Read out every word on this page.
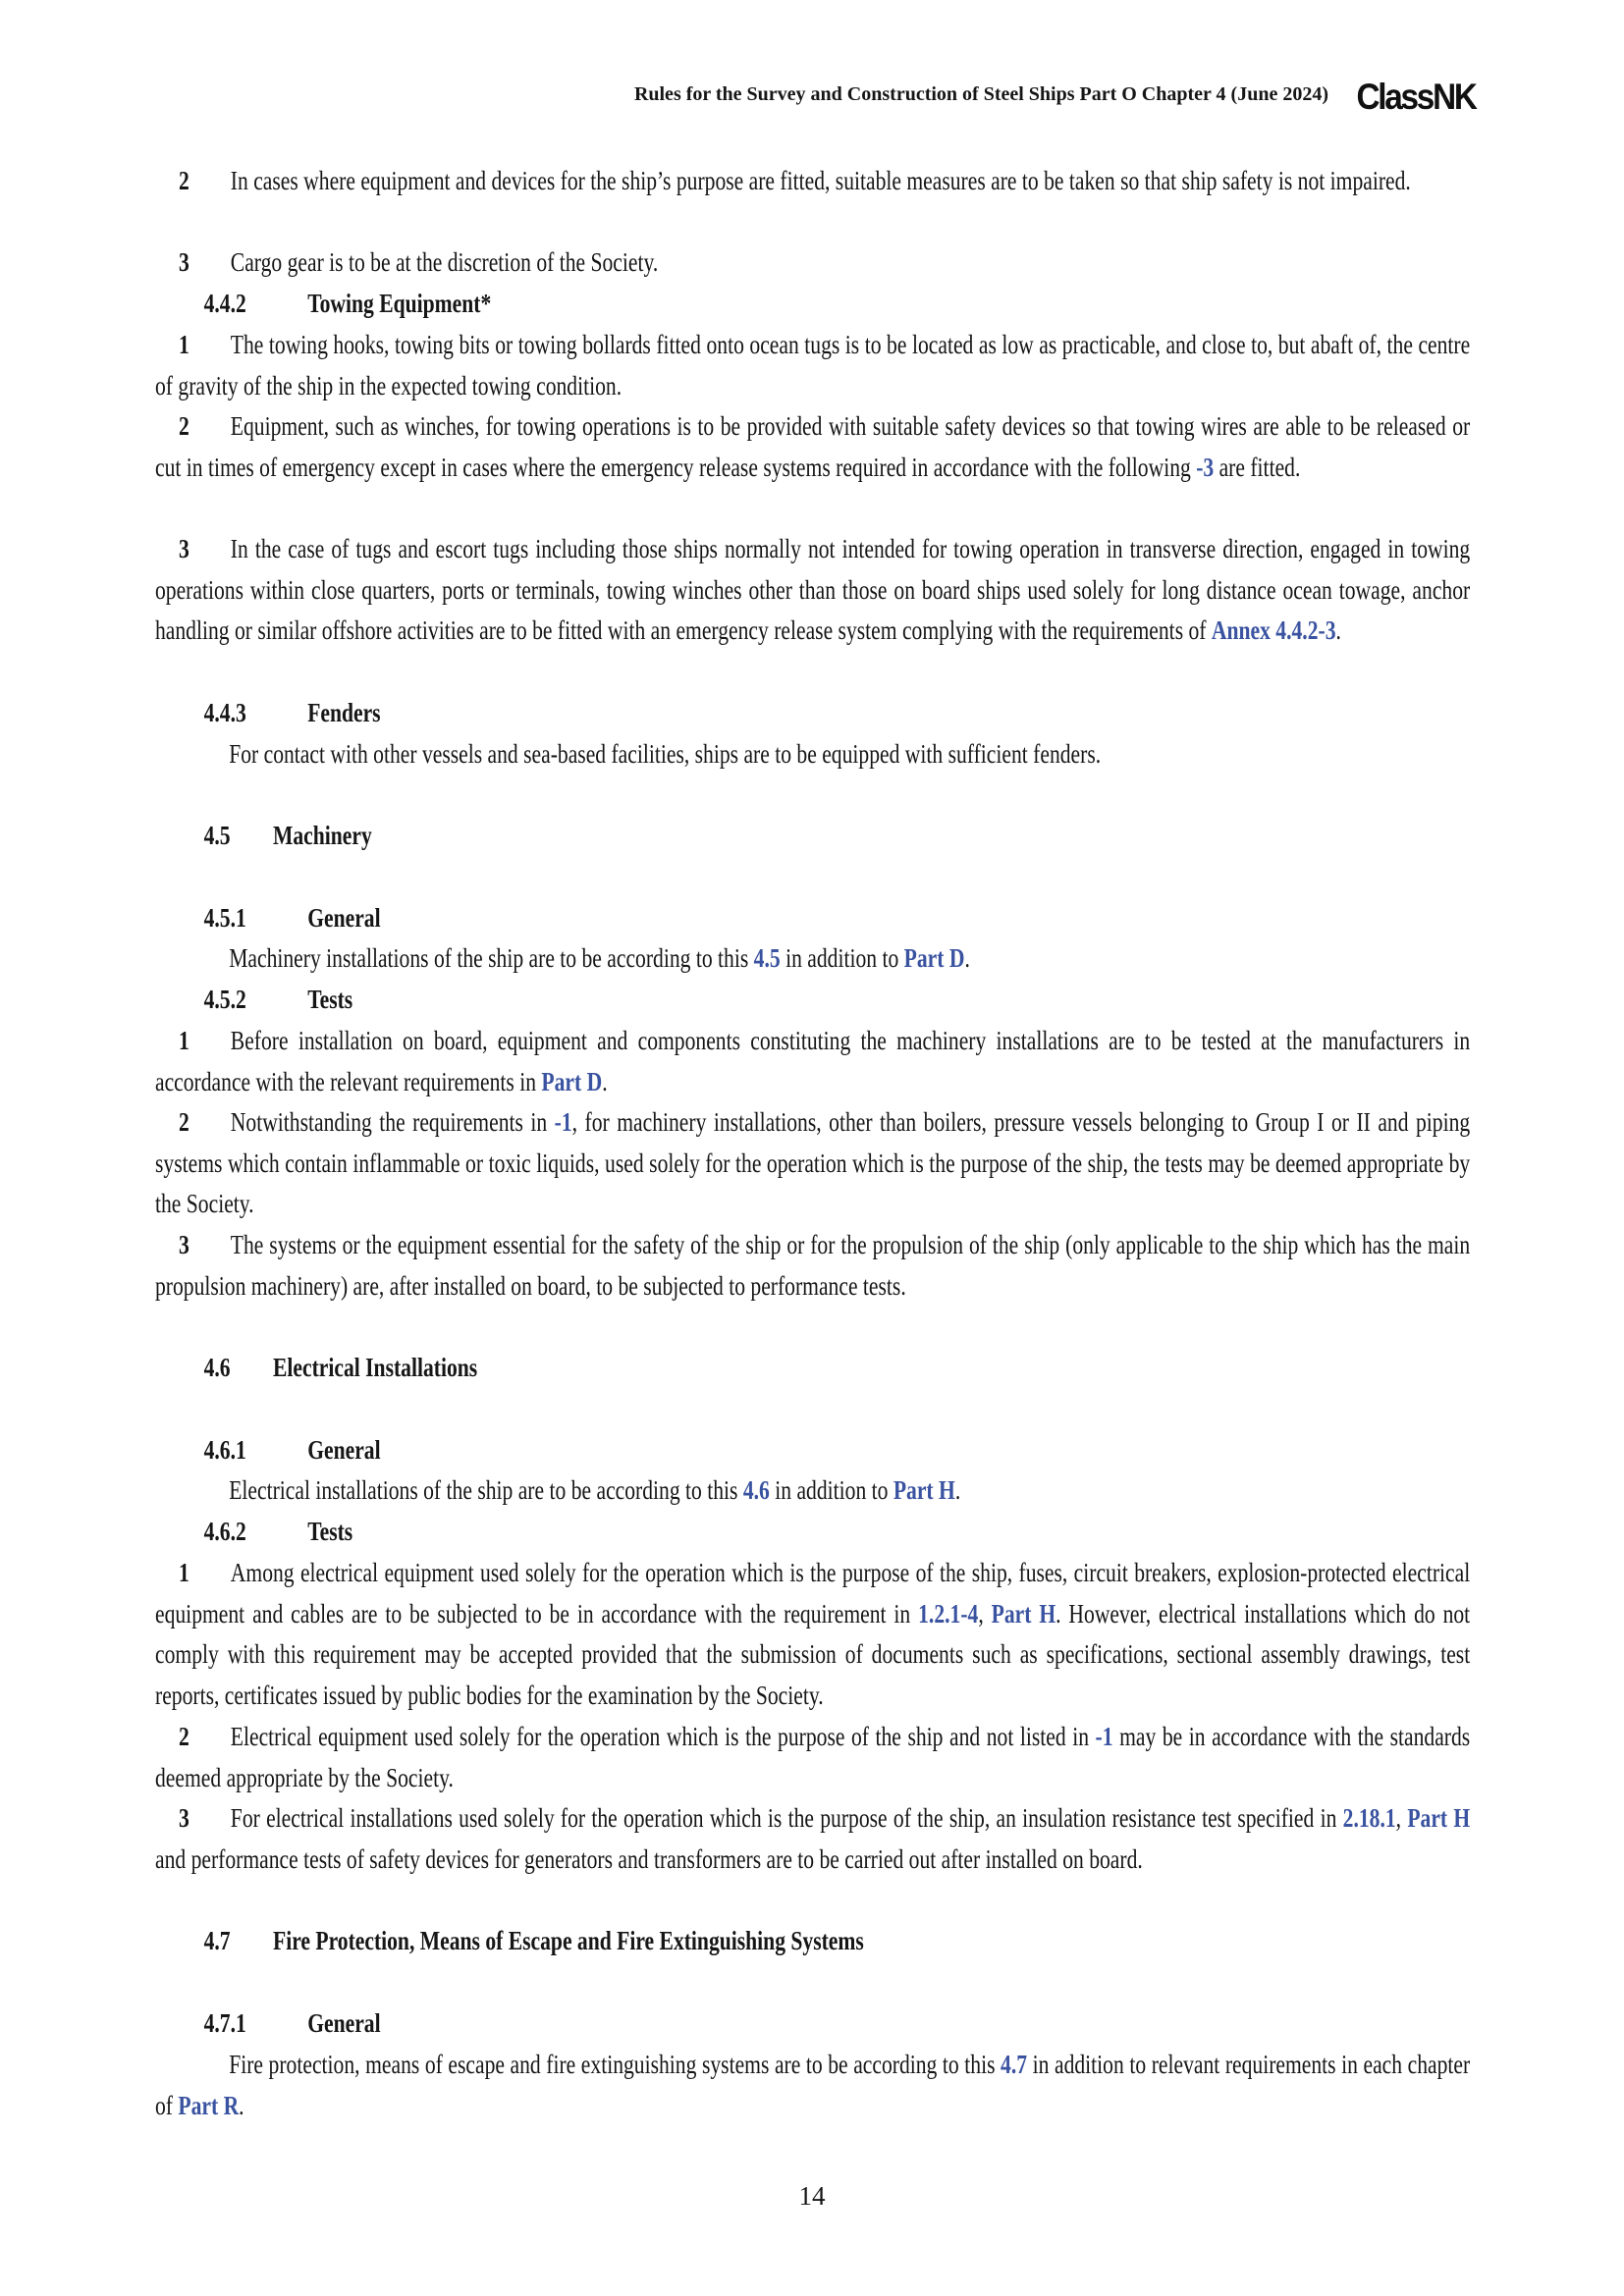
Rules for the Survey and Construction of Steel Ships Part O Chapter 4 (June 2024) ClassNK
2 In cases where equipment and devices for the ship’s purpose are fitted, suitable measures are to be taken so that ship safety is not impaired.
3 Cargo gear is to be at the discretion of the Society.
4.4.2 Towing Equipment*
1 The towing hooks, towing bits or towing bollards fitted onto ocean tugs is to be located as low as practicable, and close to, but abaft of, the centre of gravity of the ship in the expected towing condition.
2 Equipment, such as winches, for towing operations is to be provided with suitable safety devices so that towing wires are able to be released or cut in times of emergency except in cases where the emergency release systems required in accordance with the following -3 are fitted.
3 In the case of tugs and escort tugs including those ships normally not intended for towing operation in transverse direction, engaged in towing operations within close quarters, ports or terminals, towing winches other than those on board ships used solely for long distance ocean towage, anchor handling or similar offshore activities are to be fitted with an emergency release system complying with the requirements of Annex 4.4.2-3.
4.4.3 Fenders
For contact with other vessels and sea-based facilities, ships are to be equipped with sufficient fenders.
4.5 Machinery
4.5.1 General
Machinery installations of the ship are to be according to this 4.5 in addition to Part D.
4.5.2 Tests
1 Before installation on board, equipment and components constituting the machinery installations are to be tested at the manufacturers in accordance with the relevant requirements in Part D.
2 Notwithstanding the requirements in -1, for machinery installations, other than boilers, pressure vessels belonging to Group I or II and piping systems which contain inflammable or toxic liquids, used solely for the operation which is the purpose of the ship, the tests may be deemed appropriate by the Society.
3 The systems or the equipment essential for the safety of the ship or for the propulsion of the ship (only applicable to the ship which has the main propulsion machinery) are, after installed on board, to be subjected to performance tests.
4.6 Electrical Installations
4.6.1 General
Electrical installations of the ship are to be according to this 4.6 in addition to Part H.
4.6.2 Tests
1 Among electrical equipment used solely for the operation which is the purpose of the ship, fuses, circuit breakers, explosion-protected electrical equipment and cables are to be subjected to be in accordance with the requirement in 1.2.1-4, Part H. However, electrical installations which do not comply with this requirement may be accepted provided that the submission of documents such as specifications, sectional assembly drawings, test reports, certificates issued by public bodies for the examination by the Society.
2 Electrical equipment used solely for the operation which is the purpose of the ship and not listed in -1 may be in accordance with the standards deemed appropriate by the Society.
3 For electrical installations used solely for the operation which is the purpose of the ship, an insulation resistance test specified in 2.18.1, Part H and performance tests of safety devices for generators and transformers are to be carried out after installed on board.
4.7 Fire Protection, Means of Escape and Fire Extinguishing Systems
4.7.1 General
Fire protection, means of escape and fire extinguishing systems are to be according to this 4.7 in addition to relevant requirements in each chapter of Part R.
14
